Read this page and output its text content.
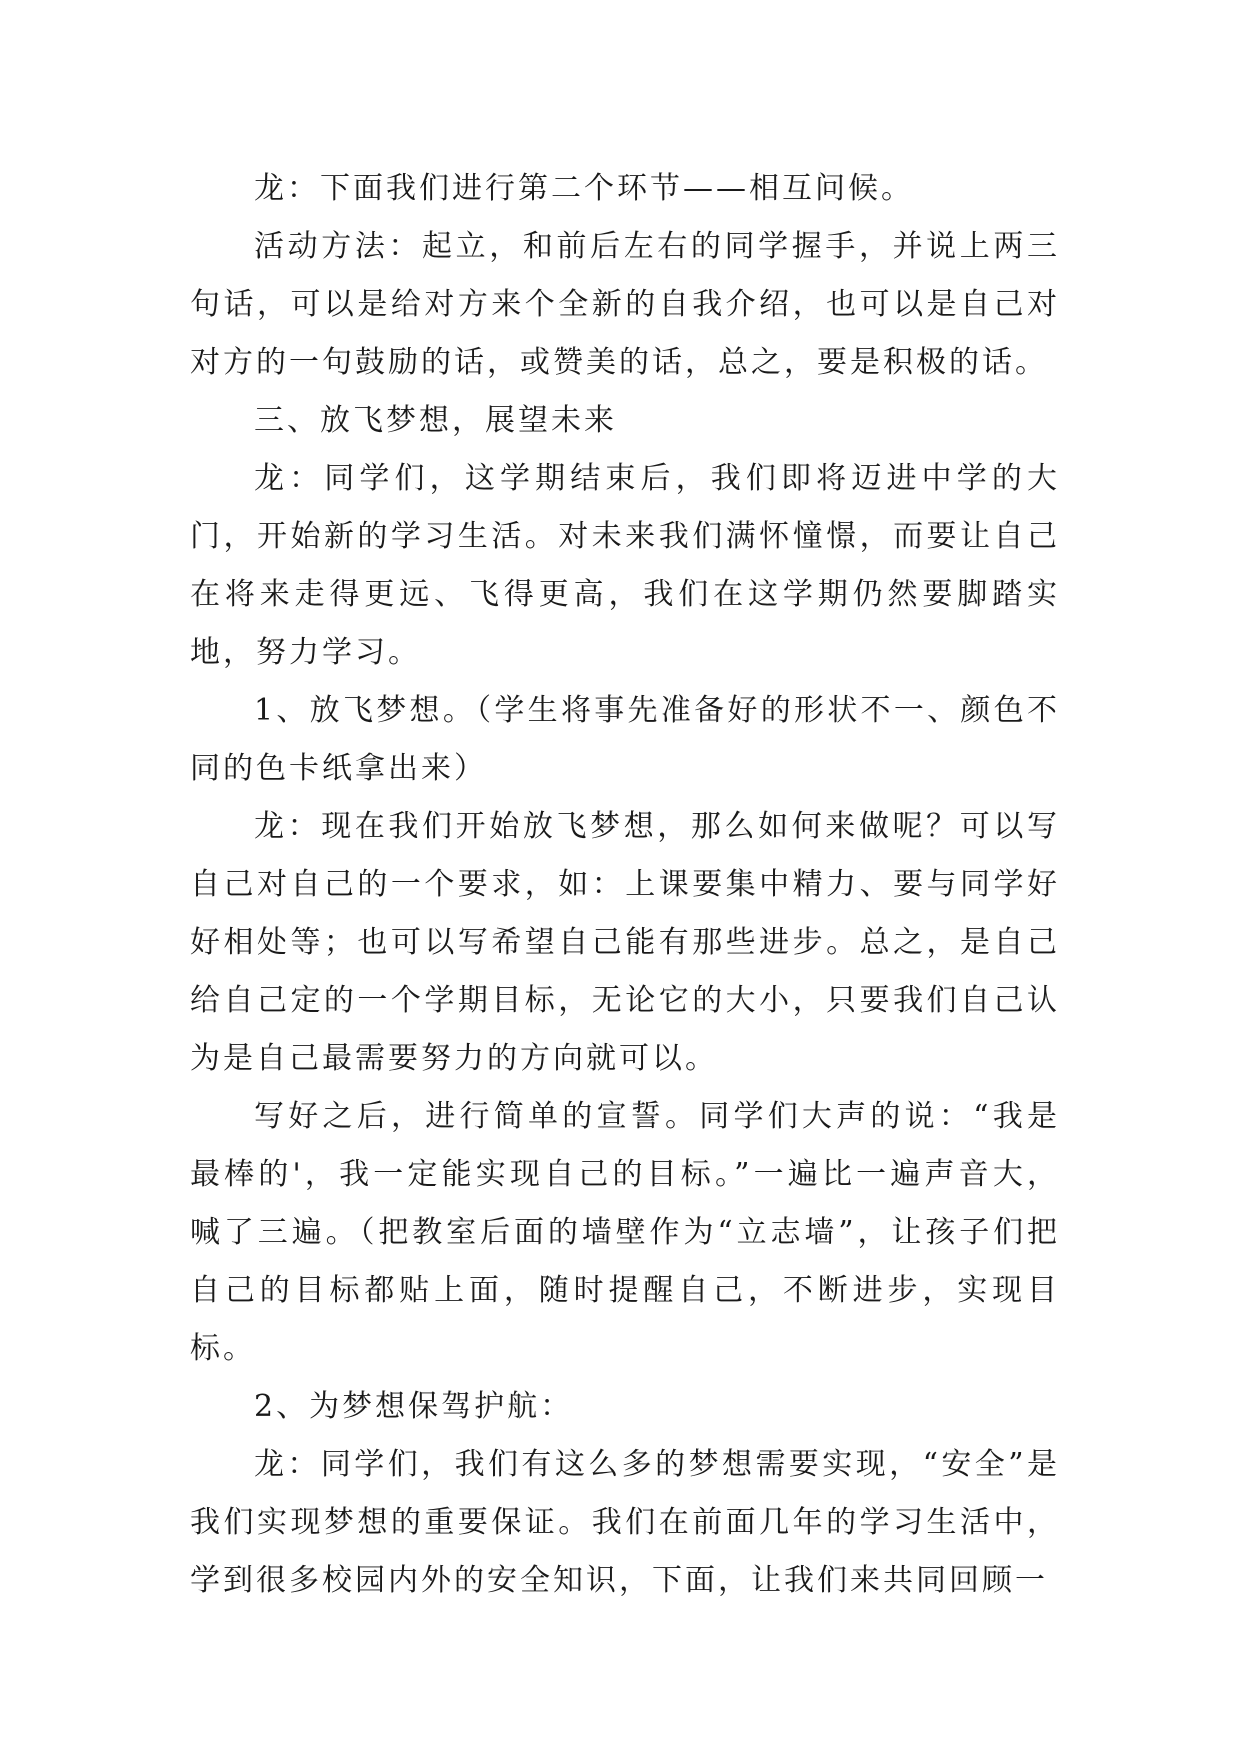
龙：下面我们进行第二个环节——相互问候。

活动方法：起立，和前后左右的同学握手，并说上两三句话，可以是给对方来个全新的自我介绍，也可以是自己对对方的一句鼓励的话，或赞美的话，总之，要是积极的话。

三、放飞梦想，展望未来

龙：同学们，这学期结束后，我们即将迈进中学的大门，开始新的学习生活。对未来我们满怀憧憬，而要让自己在将来走得更远、飞得更高，我们在这学期仍然要脚踏实地，努力学习。

1、放飞梦想。（学生将事先准备好的形状不一、颜色不同的色卡纸拿出来）

龙：现在我们开始放飞梦想，那么如何来做呢？可以写自己对自己的一个要求，如：上课要集中精力、要与同学好好相处等；也可以写希望自己能有那些进步。总之，是自己给自己定的一个学期目标，无论它的大小，只要我们自己认为是自己最需要努力的方向就可以。

写好之后，进行简单的宣誓。同学们大声的说：“我是最棒的'，我一定能实现自己的目标。”一遍比一遍声音大，喊了三遍。（把教室后面的墙壁作为“立志墙”，让孩子们把自己的目标都贴上面，随时提醒自己，不断进步，实现目标。

2、为梦想保驾护航：

龙：同学们，我们有这么多的梦想需要实现，“安全”是我们实现梦想的重要保证。我们在前面几年的学习生活中，学到很多校园内外的安全知识，下面，让我们来共同回顾一
